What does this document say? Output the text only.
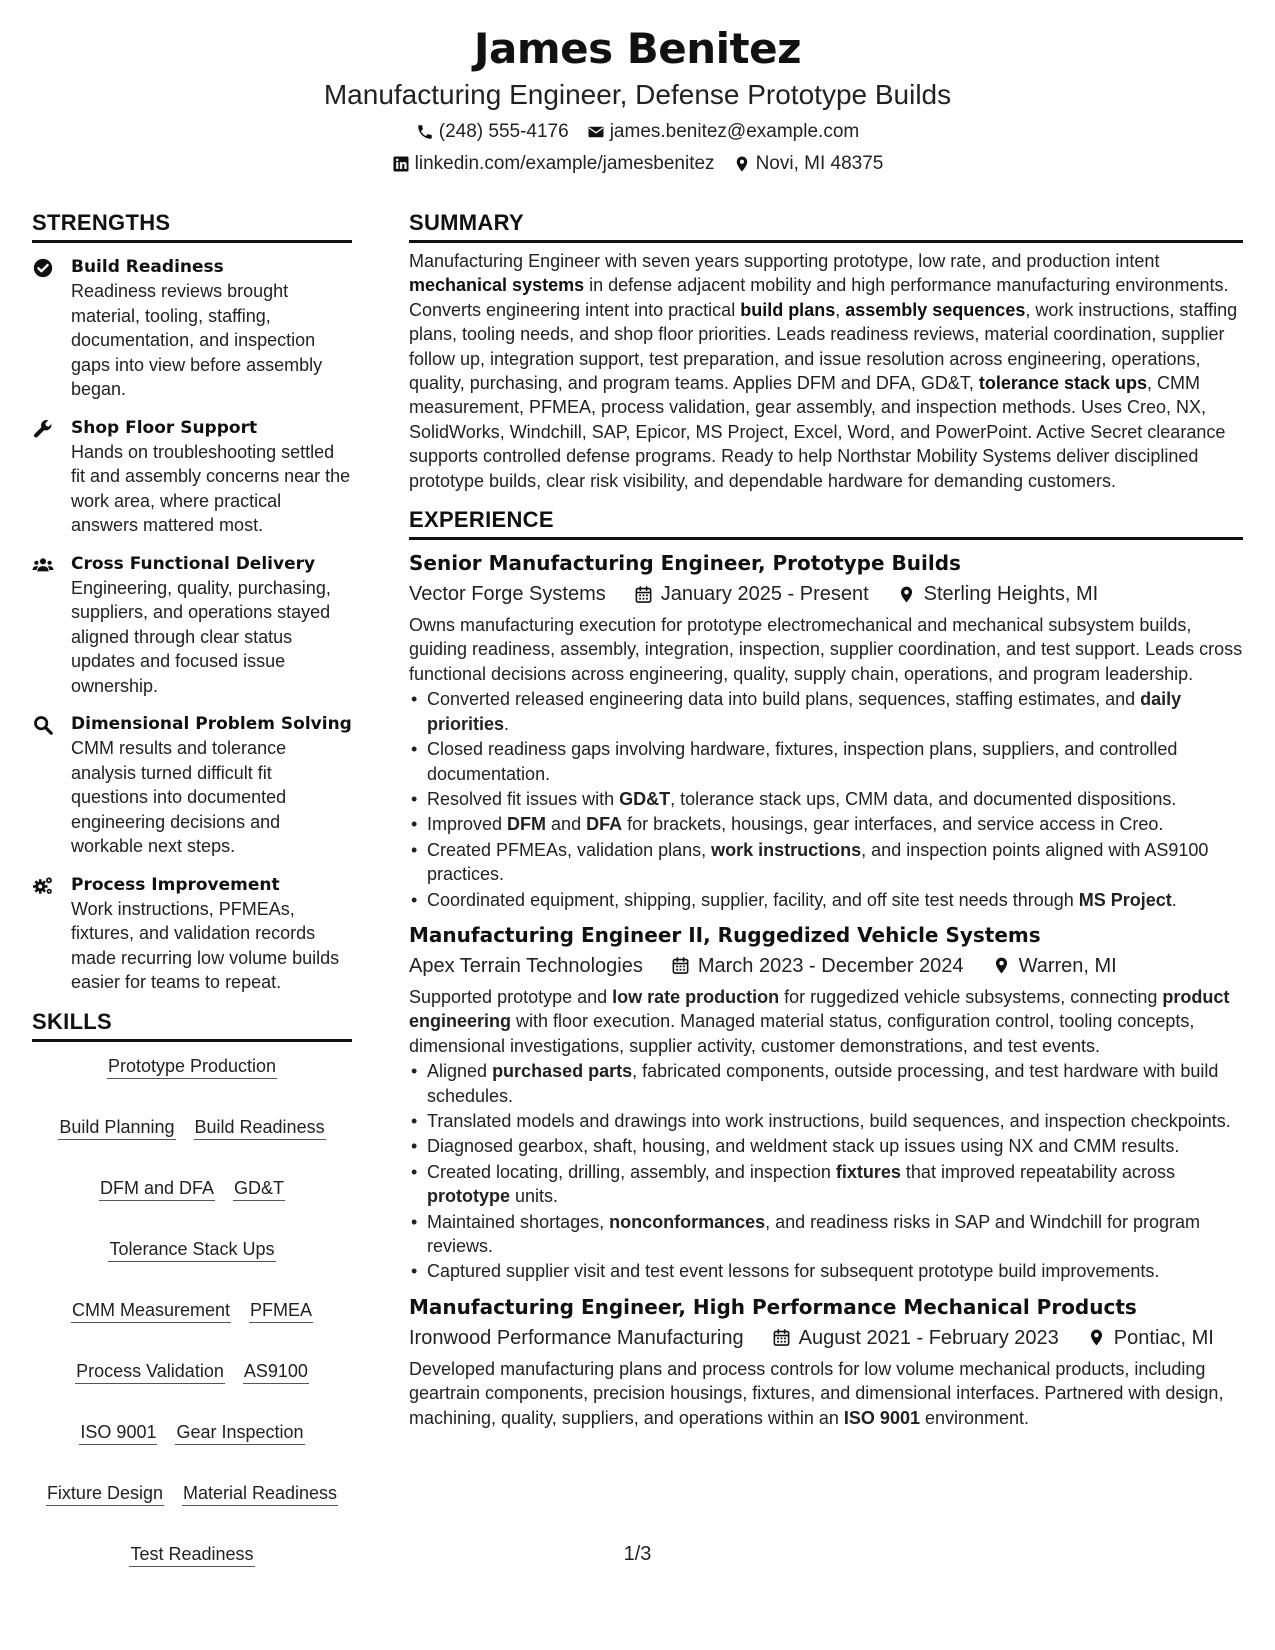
James Benitez
Manufacturing Engineer, Defense Prototype Builds
(248) 555-4176 james.benitez@example.com
linkedin.com/example/jamesbenitez Novi, MI 48375
STRENGTHS
Build Readiness
Readiness reviews brought material, tooling, staffing, documentation, and inspection gaps into view before assembly began.
Shop Floor Support
Hands on troubleshooting settled fit and assembly concerns near the work area, where practical answers mattered most.
Cross Functional Delivery
Engineering, quality, purchasing, suppliers, and operations stayed aligned through clear status updates and focused issue ownership.
Dimensional Problem Solving
CMM results and tolerance analysis turned difficult fit questions into documented engineering decisions and workable next steps.
Process Improvement
Work instructions, PFMEAs, fixtures, and validation records made recurring low volume builds easier for teams to repeat.
SKILLS
Prototype Production
Build Planning Build Readiness
DFM and DFA GD&T
Tolerance Stack Ups
CMM Measurement PFMEA
Process Validation AS9100
ISO 9001 Gear Inspection
Fixture Design Material Readiness
Test Readiness
SUMMARY
Manufacturing Engineer with seven years supporting prototype, low rate, and production intent mechanical systems in defense adjacent mobility and high performance manufacturing environments. Converts engineering intent into practical build plans, assembly sequences, work instructions, staffing plans, tooling needs, and shop floor priorities. Leads readiness reviews, material coordination, supplier follow up, integration support, test preparation, and issue resolution across engineering, operations, quality, purchasing, and program teams. Applies DFM and DFA, GD&T, tolerance stack ups, CMM measurement, PFMEA, process validation, gear assembly, and inspection methods. Uses Creo, NX, SolidWorks, Windchill, SAP, Epicor, MS Project, Excel, Word, and PowerPoint. Active Secret clearance supports controlled defense programs. Ready to help Northstar Mobility Systems deliver disciplined prototype builds, clear risk visibility, and dependable hardware for demanding customers.
EXPERIENCE
Senior Manufacturing Engineer, Prototype Builds
Vector Forge Systems	January 2025 - Present	Sterling Heights, MI
Owns manufacturing execution for prototype electromechanical and mechanical subsystem builds, guiding readiness, assembly, integration, inspection, supplier coordination, and test support. Leads cross functional decisions across engineering, quality, supply chain, operations, and program leadership.
• Converted released engineering data into build plans, sequences, staffing estimates, and daily priorities.
• Closed readiness gaps involving hardware, fixtures, inspection plans, suppliers, and controlled documentation.
• Resolved fit issues with GD&T, tolerance stack ups, CMM data, and documented dispositions.
• Improved DFM and DFA for brackets, housings, gear interfaces, and service access in Creo.
• Created PFMEAs, validation plans, work instructions, and inspection points aligned with AS9100 practices.
• Coordinated equipment, shipping, supplier, facility, and off site test needs through MS Project.
Manufacturing Engineer II, Ruggedized Vehicle Systems
Apex Terrain Technologies	March 2023 - December 2024	Warren, MI
Supported prototype and low rate production for ruggedized vehicle subsystems, connecting product engineering with floor execution. Managed material status, configuration control, tooling concepts, dimensional investigations, supplier activity, customer demonstrations, and test events.
• Aligned purchased parts, fabricated components, outside processing, and test hardware with build schedules.
• Translated models and drawings into work instructions, build sequences, and inspection checkpoints.
• Diagnosed gearbox, shaft, housing, and weldment stack up issues using NX and CMM results.
• Created locating, drilling, assembly, and inspection fixtures that improved repeatability across prototype units.
• Maintained shortages, nonconformances, and readiness risks in SAP and Windchill for program reviews.
• Captured supplier visit and test event lessons for subsequent prototype build improvements.
Manufacturing Engineer, High Performance Mechanical Products
Ironwood Performance Manufacturing	August 2021 - February 2023	Pontiac, MI
Developed manufacturing plans and process controls for low volume mechanical products, including geartrain components, precision housings, fixtures, and dimensional interfaces. Partnered with design, machining, quality, suppliers, and operations within an ISO 9001 environment.
1/3
